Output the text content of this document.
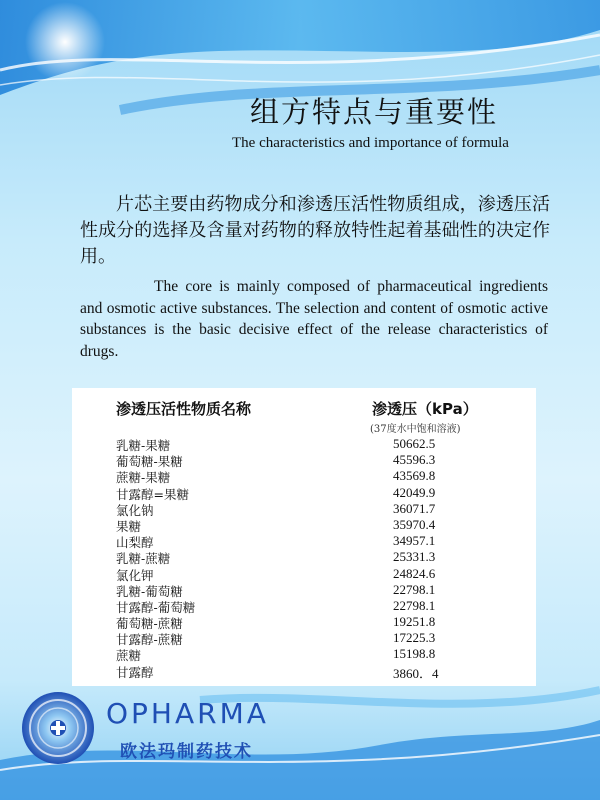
组方特点与重要性
The characteristics and importance of formula
片芯主要由药物成分和渗透压活性物质组成，渗透压活性成分的选择及含量对药物的释放特性起着基础性的决定作用。
The core is mainly composed of pharmaceutical ingredients and osmotic active substances. The selection and content of osmotic active substances is the basic decisive effect of the release characteristics of drugs.
渗透压活性物质名称	渗透压（kPa）
(37度水中饱和溶液)
乳糖-果糖	50662.5
葡萄糖-果糖	45596.3
蔗糖-果糖	43569.8
甘露醇=果糖	42049.9
氯化钠	36071.7
果糖	35970.4
山梨醇	34957.1
乳糖-蔗糖	25331.3
氯化钾	24824.6
乳糖-葡萄糖	22798.1
甘露醇-葡萄糖	22798.1
葡萄糖-蔗糖	19251.8
甘露醇-蔗糖	17225.3
蔗糖	15198.8
甘露醇	3860．4
OPHARMA
欧法玛制药技术
